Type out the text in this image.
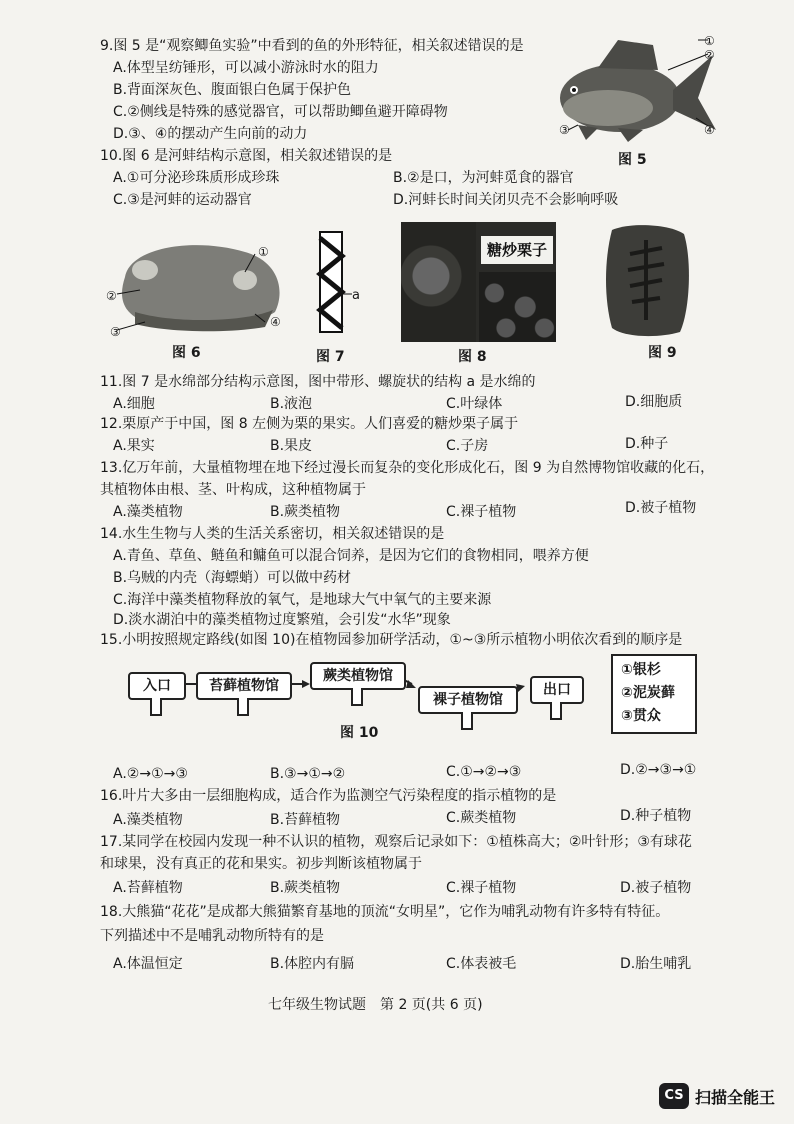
9.图 5 是“观察鲫鱼实验”中看到的鱼的外形特征，相关叙述错误的是
A.体型呈纺锤形，可以减小游泳时水的阻力
B.背面深灰色、腹面银白色属于保护色
C.②侧线是特殊的感觉器官，可以帮助鲫鱼避开障碍物
D.③、④的摆动产生向前的动力
①
②
③	④
图 5
10.图 6 是河蚌结构示意图，相关叙述错误的是
A.①可分泌珍珠质形成珍珠	B.②是口，为河蚌觅食的器官
C.③是河蚌的运动器官	D.河蚌长时间关闭贝壳不会影响呼吸
①
②
③
④
图 6
a
图 7
糖炒栗子
图 8	图 9
11.图 7 是水绵部分结构示意图，图中带形、螺旋状的结构 a 是水绵的
A.细胞	B.液泡	C.叶绿体	D.细胞质
12.栗原产于中国，图 8 左侧为栗的果实。人们喜爱的糖炒栗子属于
A.果实	B.果皮	C.子房	D.种子
13.亿万年前，大量植物埋在地下经过漫长而复杂的变化形成化石，图 9 为自然博物馆收藏的化石，
其植物体由根、茎、叶构成，这种植物属于
A.藻类植物	B.蕨类植物	C.裸子植物	D.被子植物
14.水生生物与人类的生活关系密切，相关叙述错误的是
A.青鱼、草鱼、鲢鱼和鳙鱼可以混合饲养，是因为它们的食物相同，喂养方便
B.乌贼的内壳（海螵蛸）可以做中药材
C.海洋中藻类植物释放的氧气，是地球大气中氧气的主要来源
D.淡水湖泊中的藻类植物过度繁殖，会引发“水华”现象
15.小明按照规定路线(如图 10)在植物园参加研学活动，①~③所示植物小明依次看到的顺序是
入口	苔藓植物馆
蕨类植物馆
裸子植物馆
出口
①银杉
②泥炭藓
③贯众
图 10
A.②→①→③	B.③→①→②	C.①→②→③	D.②→③→①
16.叶片大多由一层细胞构成，适合作为监测空气污染程度的指示植物的是
A.藻类植物	B.苔藓植物	C.蕨类植物	D.种子植物
17.某同学在校园内发现一种不认识的植物，观察后记录如下：①植株高大；②叶针形；③有球花
和球果，没有真正的花和果实。初步判断该植物属于
A.苔藓植物	B.蕨类植物	C.裸子植物	D.被子植物
18.大熊猫“花花”是成都大熊猫繁育基地的顶流“女明星”，它作为哺乳动物有许多特有特征。
下列描述中不是哺乳动物所特有的是
A.体温恒定	B.体腔内有膈	C.体表被毛	D.胎生哺乳
七年级生物试题　第 2 页(共 6 页)
CS 扫描全能王
